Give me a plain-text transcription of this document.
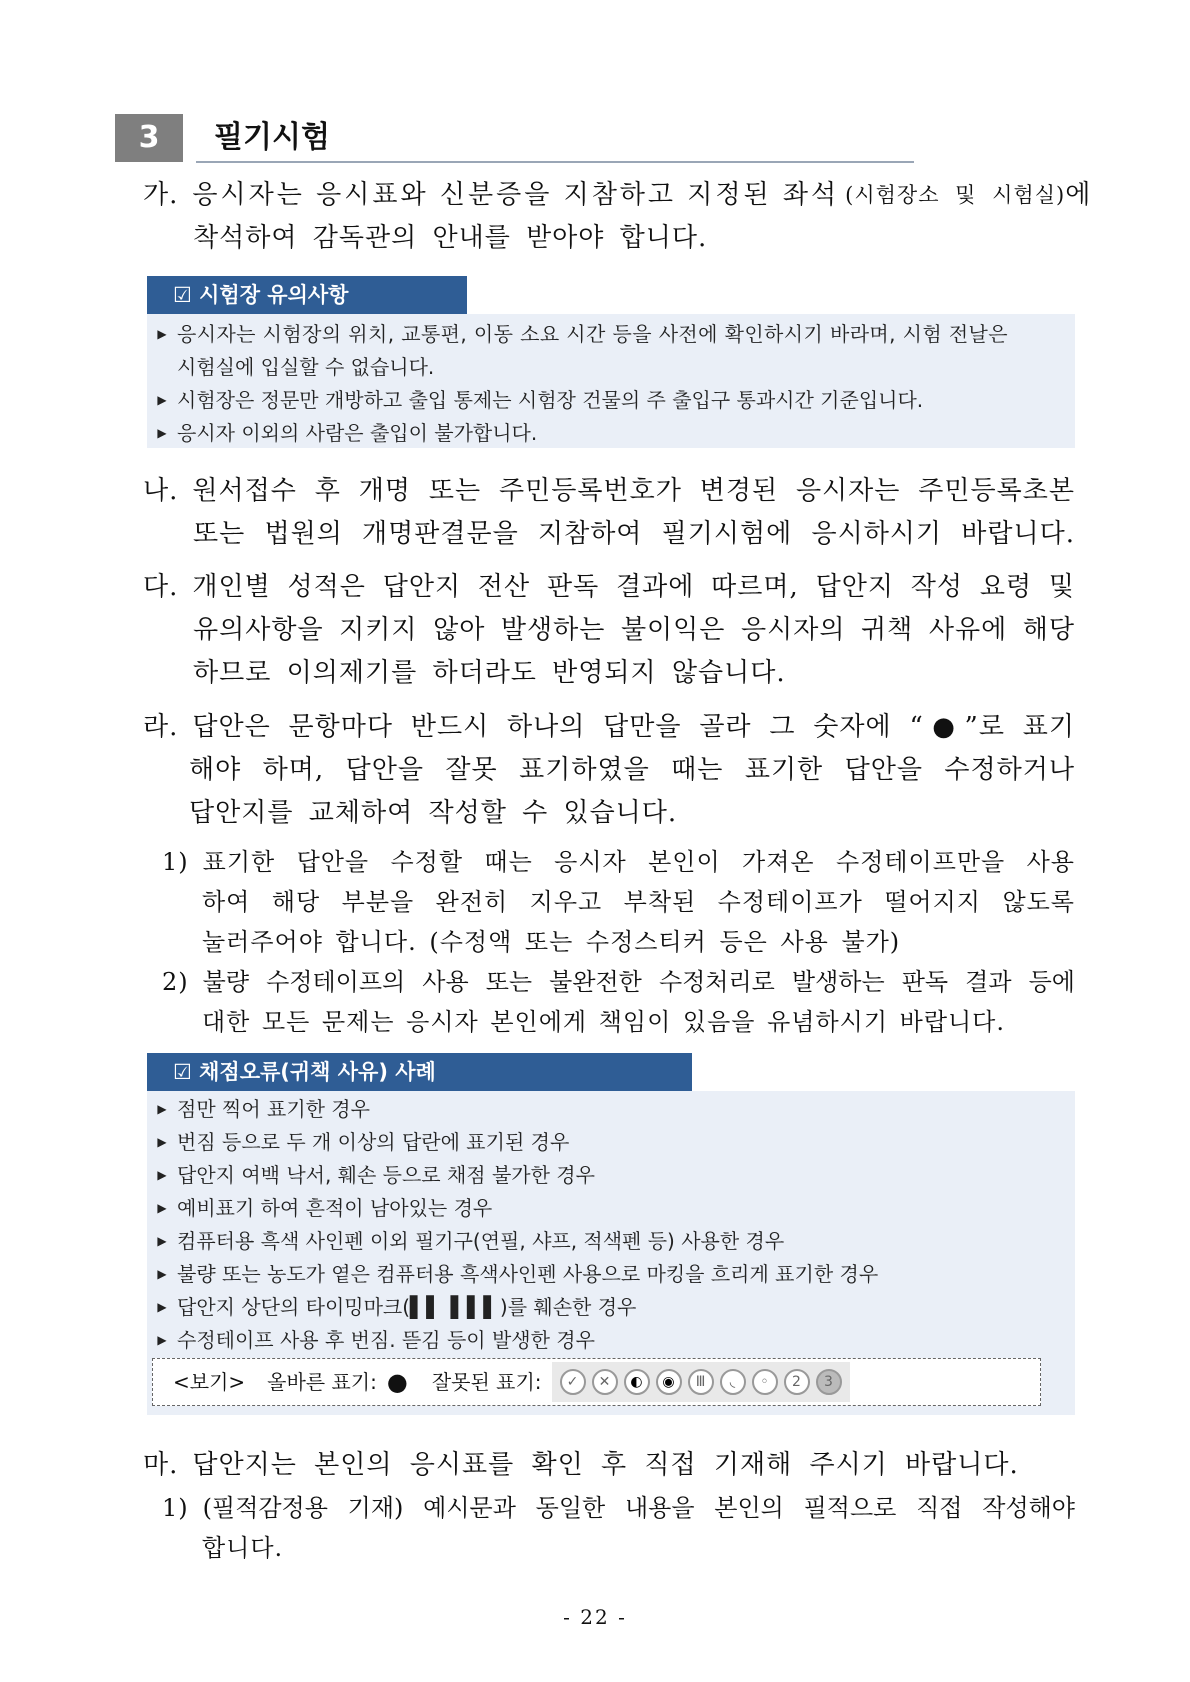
3	필기시험
가. 응시자는 응시표와 신분증을 지참하고 지정된 좌석 (시험장소 및 시험실) 에
착석하여 감독관의 안내를 받아야 합니다.
☑ 시험장 유의사항
▶ 응시자는 시험장의 위치, 교통편, 이동 소요 시간 등을 사전에 확인하시기 바라며, 시험 전날은
시험실에 입실할 수 없습니다.
▶ 시험장은 정문만 개방하고 출입 통제는 시험장 건물의 주 출입구 통과시간 기준입니다.
▶ 응시자 이외의 사람은 출입이 불가합니다.
나. 원서접수 후 개명 또는 주민등록번호가 변경된 응시자는 주민등록초본
또는 법원의 개명판결문을 지참하여 필기시험에 응시하시기 바랍니다.
다. 개인별 성적은 답안지 전산 판독 결과에 따르며, 답안지 작성 요령 및
유의사항을 지키지 않아 발생하는 불이익은 응시자의 귀책 사유에 해당
하므로 이의제기를 하더라도 반영되지 않습니다.
라. 답안은 문항마다 반드시 하나의 답만을 골라 그 숫자에 “●”로 표기
해야 하며, 답안을 잘못 표기하였을 때는 표기한 답안을 수정하거나
답안지를 교체하여 작성할 수 있습니다.
1) 표기한 답안을 수정할 때는 응시자 본인이 가져온 수정테이프만을 사용
하여 해당 부분을 완전히 지우고 부착된 수정테이프가 떨어지지 않도록
눌러주어야 합니다. (수정액 또는 수정스티커 등은 사용 불가)
2) 불량 수정테이프의 사용 또는 불완전한 수정처리로 발생하는 판독 결과 등에
대한 모든 문제는 응시자 본인에게 책임이 있음을 유념하시기 바랍니다.
☑ 채점오류(귀책 사유) 사례
▶ 점만 찍어 표기한 경우
▶ 번짐 등으로 두 개 이상의 답란에 표기된 경우
▶ 답안지 여백 낙서, 훼손 등으로 채점 불가한 경우
▶ 예비표기 하여 흔적이 남아있는 경우
▶ 컴퓨터용 흑색 사인펜 이외 필기구(연필, 샤프, 적색펜 등) 사용한 경우
▶ 불량 또는 농도가 옅은 컴퓨터용 흑색사인펜 사용으로 마킹을 흐리게 표기한 경우
▶ 답안지 상단의 타이밍마크(▌▌ ▌▌▌)를 훼손한 경우
▶ 수정테이프 사용 후 번짐. 뜯김 등이 발생한 경우
<보기> 올바른 표기: ● 잘못된 표기:	✓	✕	◐	◉	Ⅲ	◟	◦	2	3
마. 답안지는 본인의 응시표를 확인 후 직접 기재해 주시기 바랍니다.
1) (필적감정용 기재) 예시문과 동일한 내용을 본인의 필적으로 직접 작성해야
합니다.
- 22 -
